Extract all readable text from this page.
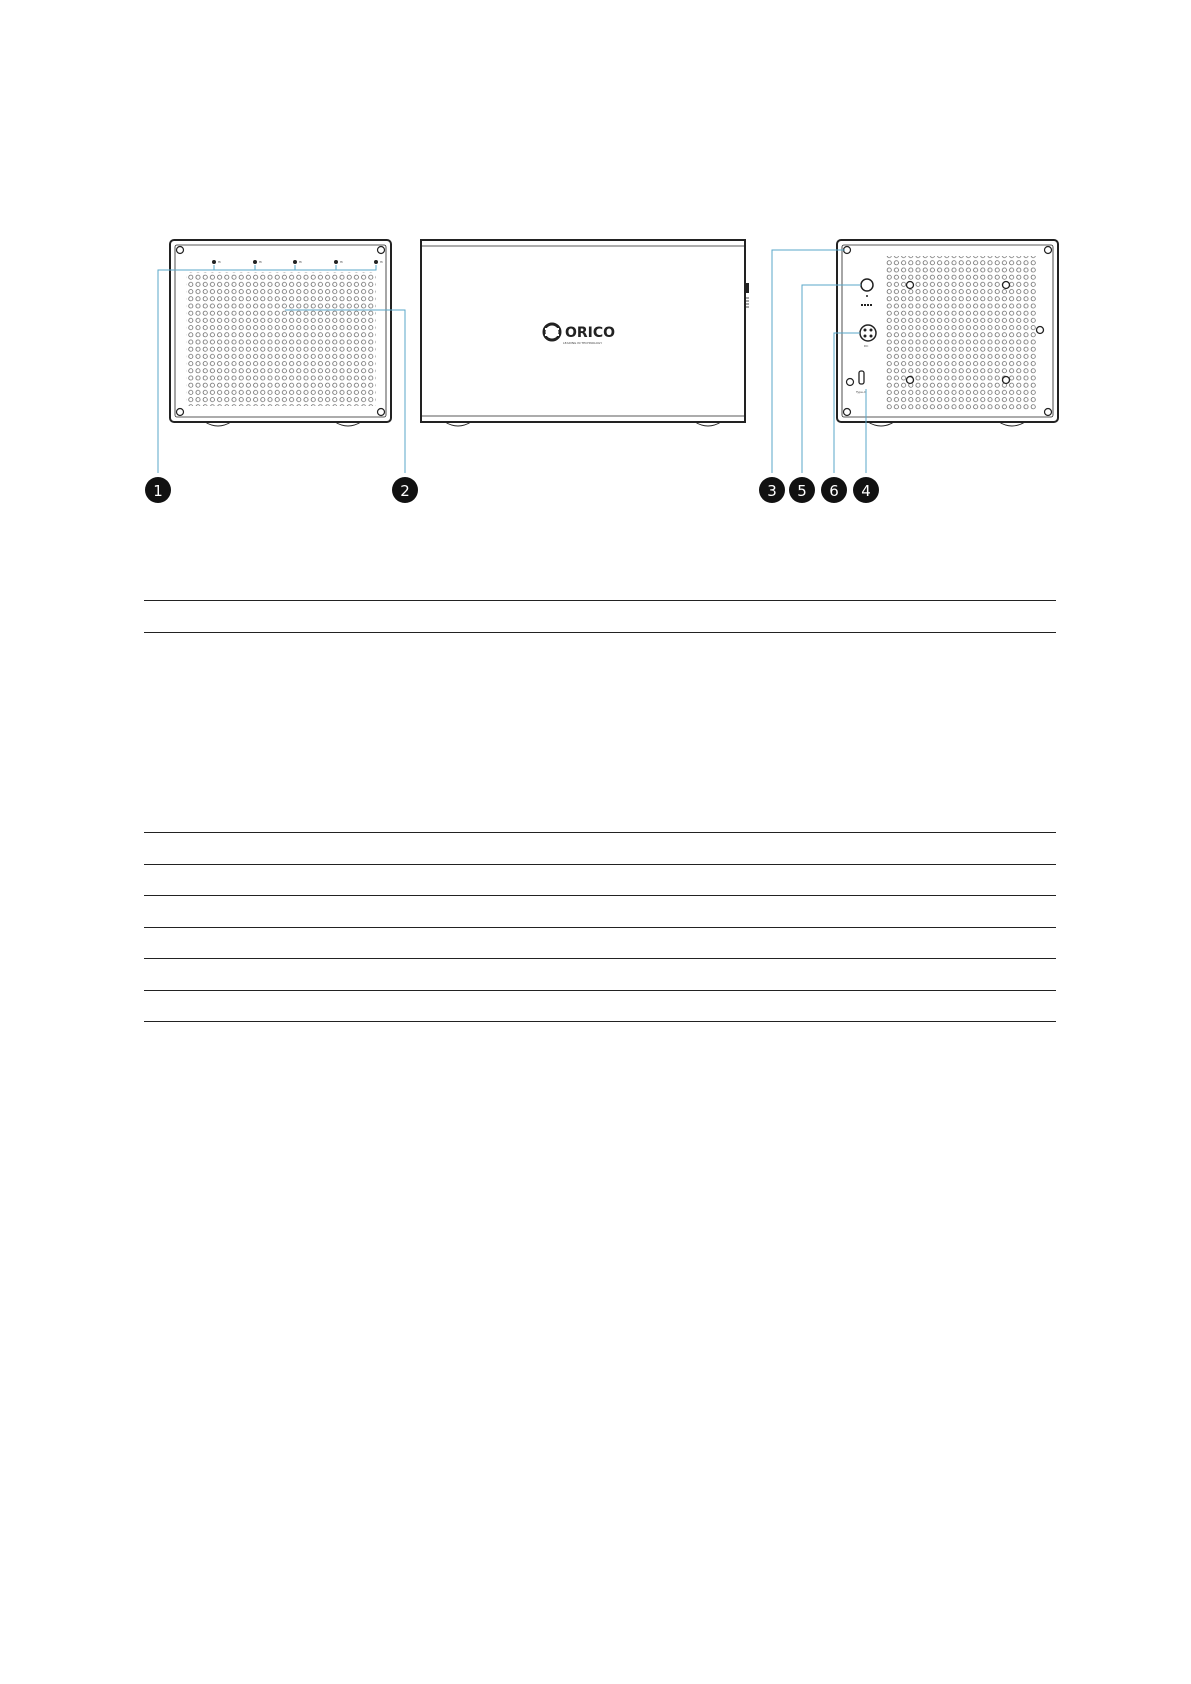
Hi	Hi	Hi	Hi	Hi
ORICO
LEADING IN TECHNOLOGY
DC
Type-C
1	2	3 5 6 4
